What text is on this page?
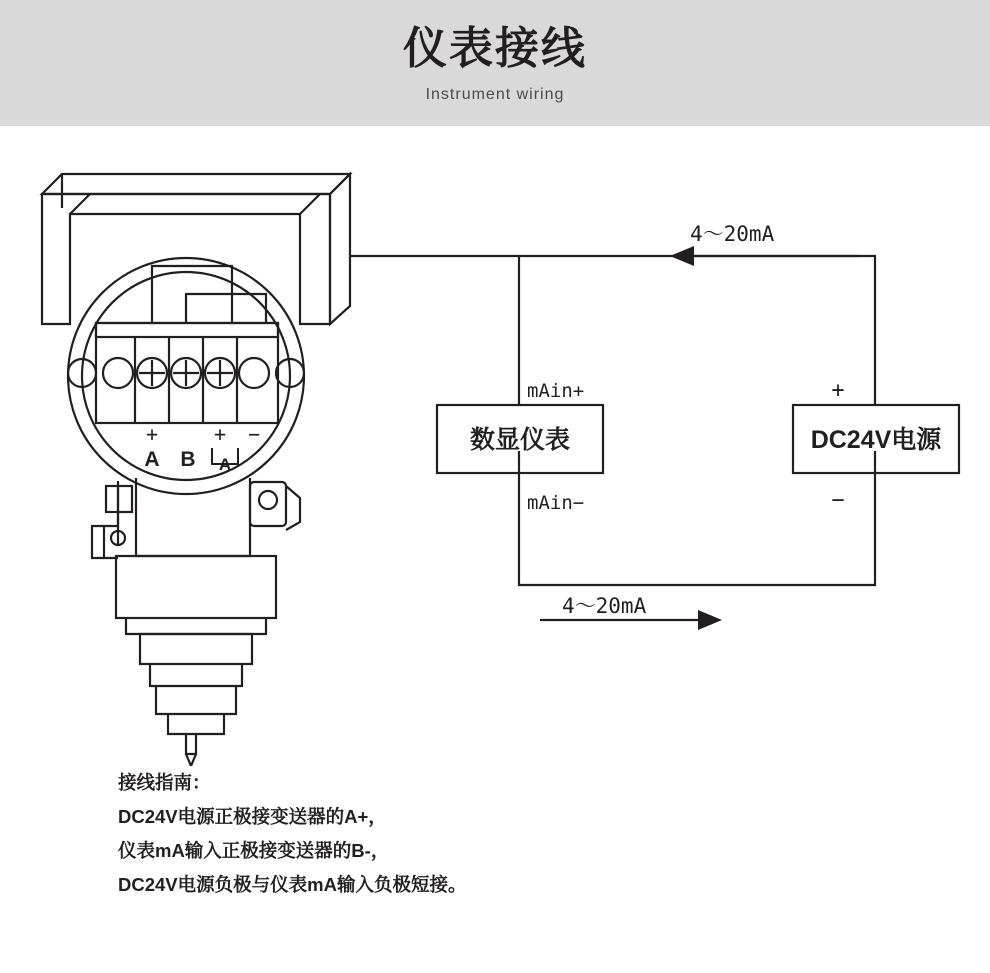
仪表接线
Instrument wiring
4～20mA
4～20mA
mAin+
mAin−
数显仪表	DC24V电源
+
−
+	+ −
A B A
接线指南：
DC24V电源正极接变送器的A+，
仪表mA输入正极接变送器的B-，
DC24V电源负极与仪表mA输入负极短接。
